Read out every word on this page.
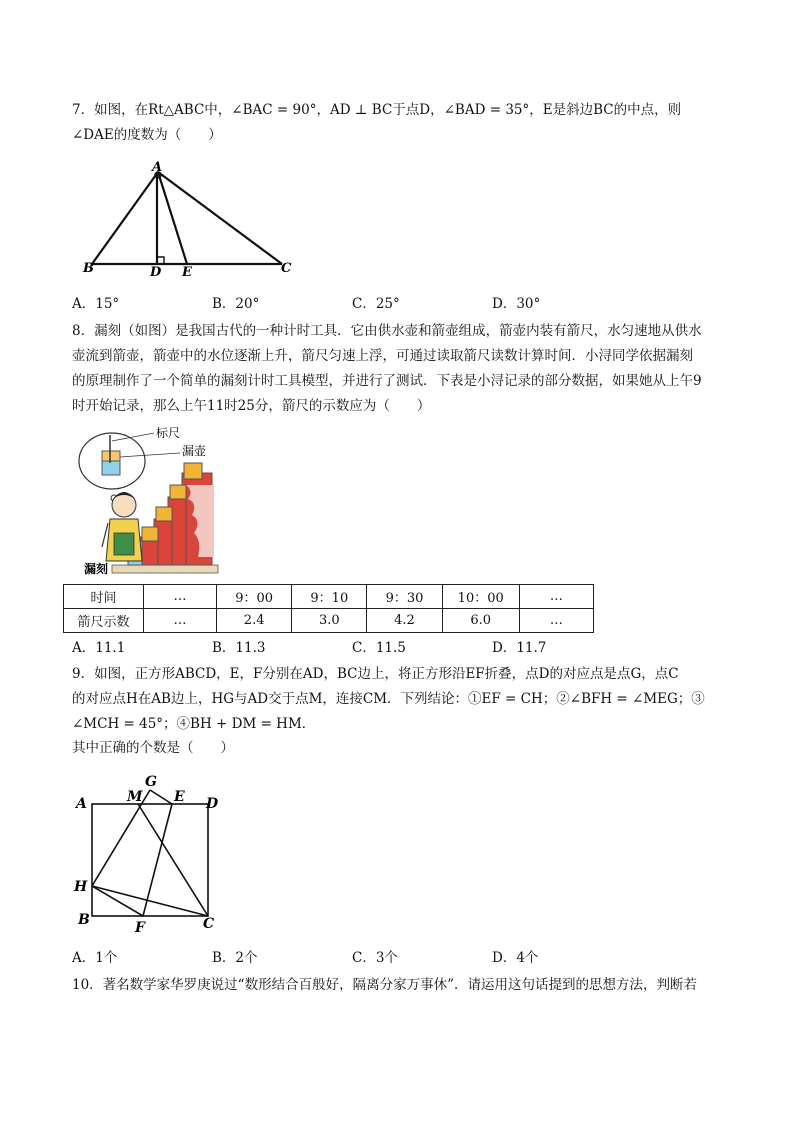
7．如图，在Rt△ABC中，∠BAC = 90°，AD ⊥ BC于点D，∠BAD = 35°，E是斜边BC的中点，则
∠DAE的度数为（　　）
A
B	D E	C
A．15°	B．20°	C．25°	D．30°
8．漏刻（如图）是我国古代的一种计时工具．它由供水壶和箭壶组成，箭壶内装有箭尺，水匀速地从供水
壶流到箭壶，箭壶中的水位逐渐上升，箭尺匀速上浮，可通过读取箭尺读数计算时间．小浔同学依据漏刻
的原理制作了一个简单的漏刻计时工具模型，并进行了测试．下表是小浔记录的部分数据，如果她从上午9
时开始记录，那么上午11时25分，箭尺的示数应为（　　）
标尺
漏壶
漏刻
时间	…	9：00	9：10	9：30	10：00	…
箭尺示数	…	2.4	3.0	4.2	6.0	…
A．11.1	B．11.3	C．11.5	D．11.7
9．如图，正方形ABCD，E，F分别在AD，BC边上，将正方形沿EF折叠，点D的对应点是点G，点C
的对应点H在AB边上，HG与AD交于点M，连接CM．下列结论：①EF = CH；②∠BFH = ∠MEG；③
∠MCH = 45°；④BH + DM = HM．
其中正确的个数是（　　）
A
G
M E D
H
B	F	C
A．1个	B．2个	C．3个	D．4个
10．著名数学家华罗庚说过“数形结合百般好，隔离分家万事休”．请运用这句话提到的思想方法，判断若
